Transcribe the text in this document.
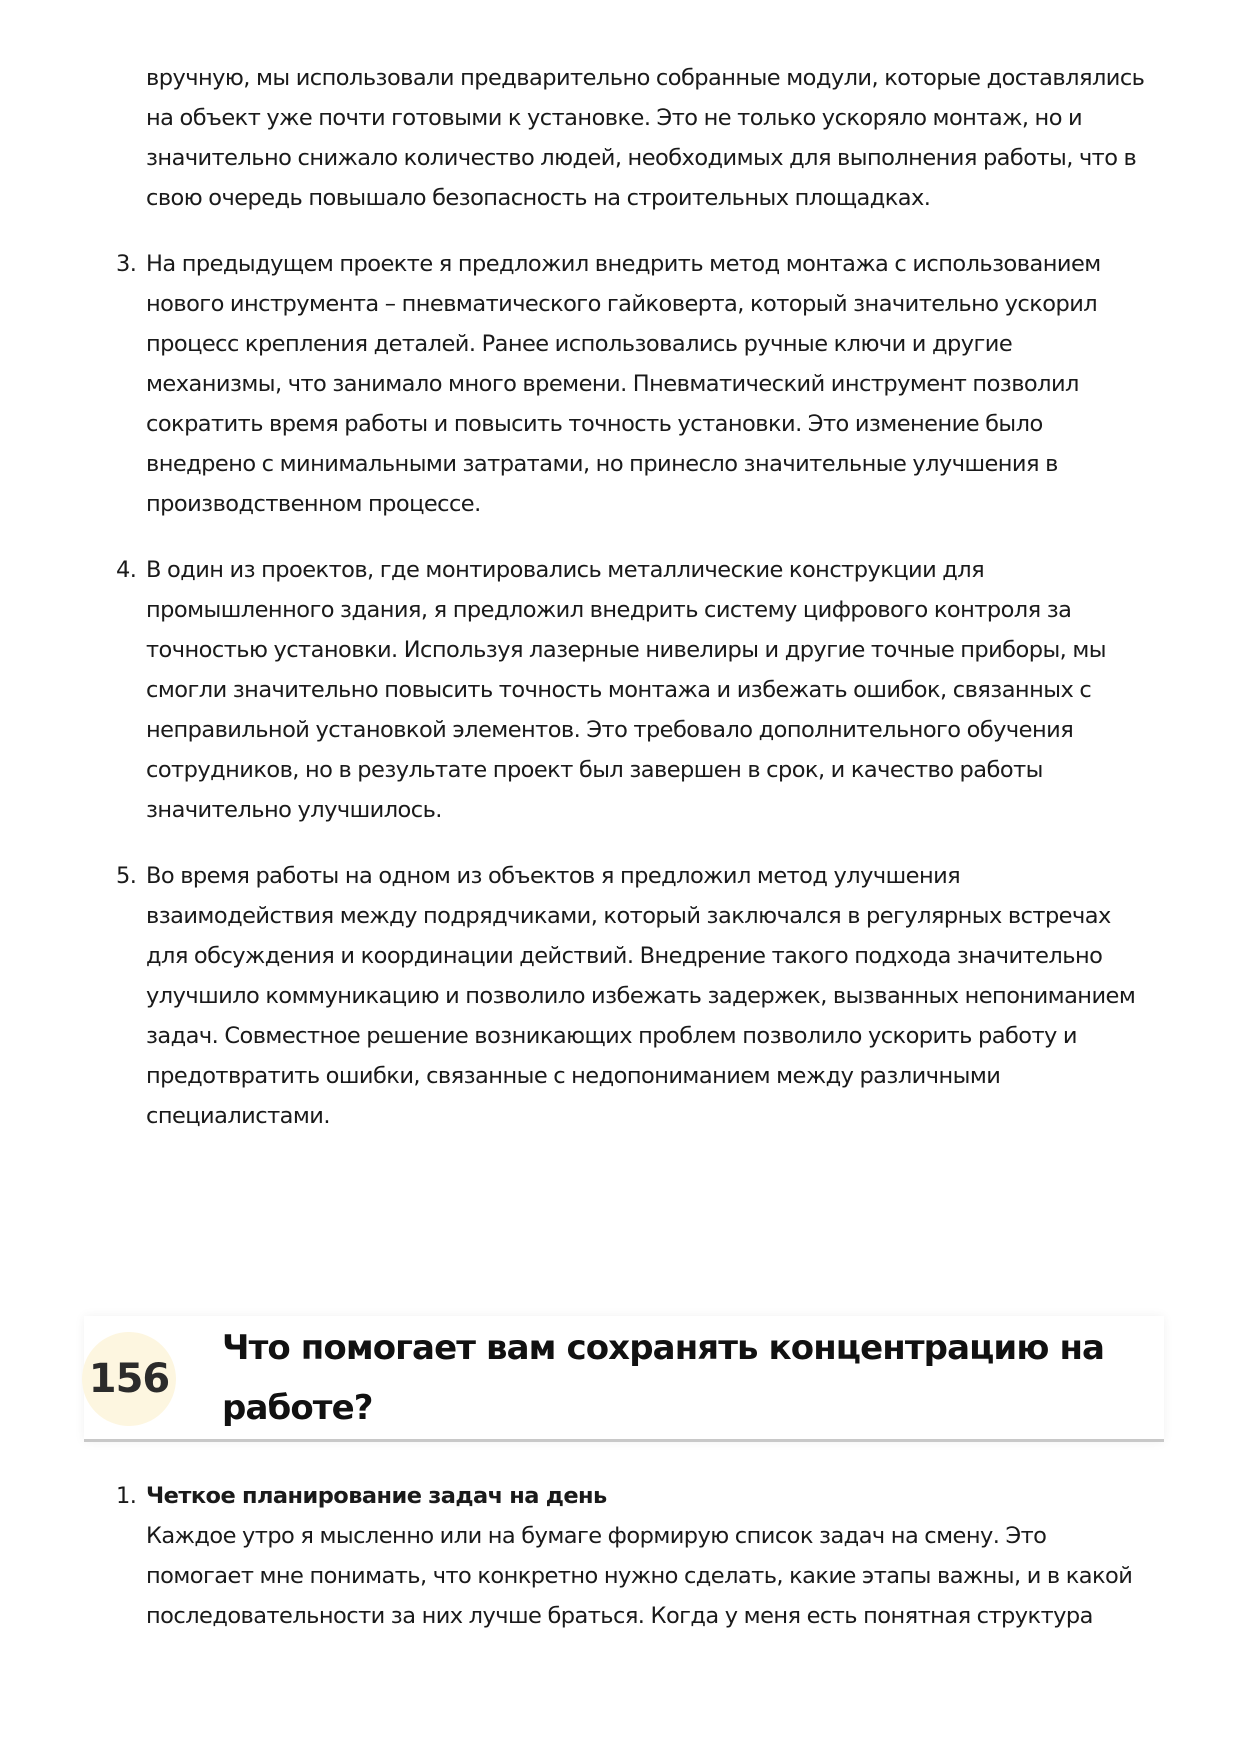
вручную, мы использовали предварительно собранные модули, которые доставлялись
на объект уже почти готовыми к установке. Это не только ускоряло монтаж, но и
значительно снижало количество людей, необходимых для выполнения работы, что в
свою очередь повышало безопасность на строительных площадках.
3. На предыдущем проекте я предложил внедрить метод монтажа с использованием
нового инструмента – пневматического гайковерта, который значительно ускорил
процесс крепления деталей. Ранее использовались ручные ключи и другие
механизмы, что занимало много времени. Пневматический инструмент позволил
сократить время работы и повысить точность установки. Это изменение было
внедрено с минимальными затратами, но принесло значительные улучшения в
производственном процессе.
4. В один из проектов, где монтировались металлические конструкции для
промышленного здания, я предложил внедрить систему цифрового контроля за
точностью установки. Используя лазерные нивелиры и другие точные приборы, мы
смогли значительно повысить точность монтажа и избежать ошибок, связанных с
неправильной установкой элементов. Это требовало дополнительного обучения
сотрудников, но в результате проект был завершен в срок, и качество работы
значительно улучшилось.
5. Во время работы на одном из объектов я предложил метод улучшения
взаимодействия между подрядчиками, который заключался в регулярных встречах
для обсуждения и координации действий. Внедрение такого подхода значительно
улучшило коммуникацию и позволило избежать задержек, вызванных непониманием
задач. Совместное решение возникающих проблем позволило ускорить работу и
предотвратить ошибки, связанные с недопониманием между различными
специалистами.
156
Что помогает вам сохранять концентрацию на
работе?
1. Четкое планирование задач на день
Каждое утро я мысленно или на бумаге формирую список задач на смену. Это
помогает мне понимать, что конкретно нужно сделать, какие этапы важны, и в какой
последовательности за них лучше браться. Когда у меня есть понятная структура
